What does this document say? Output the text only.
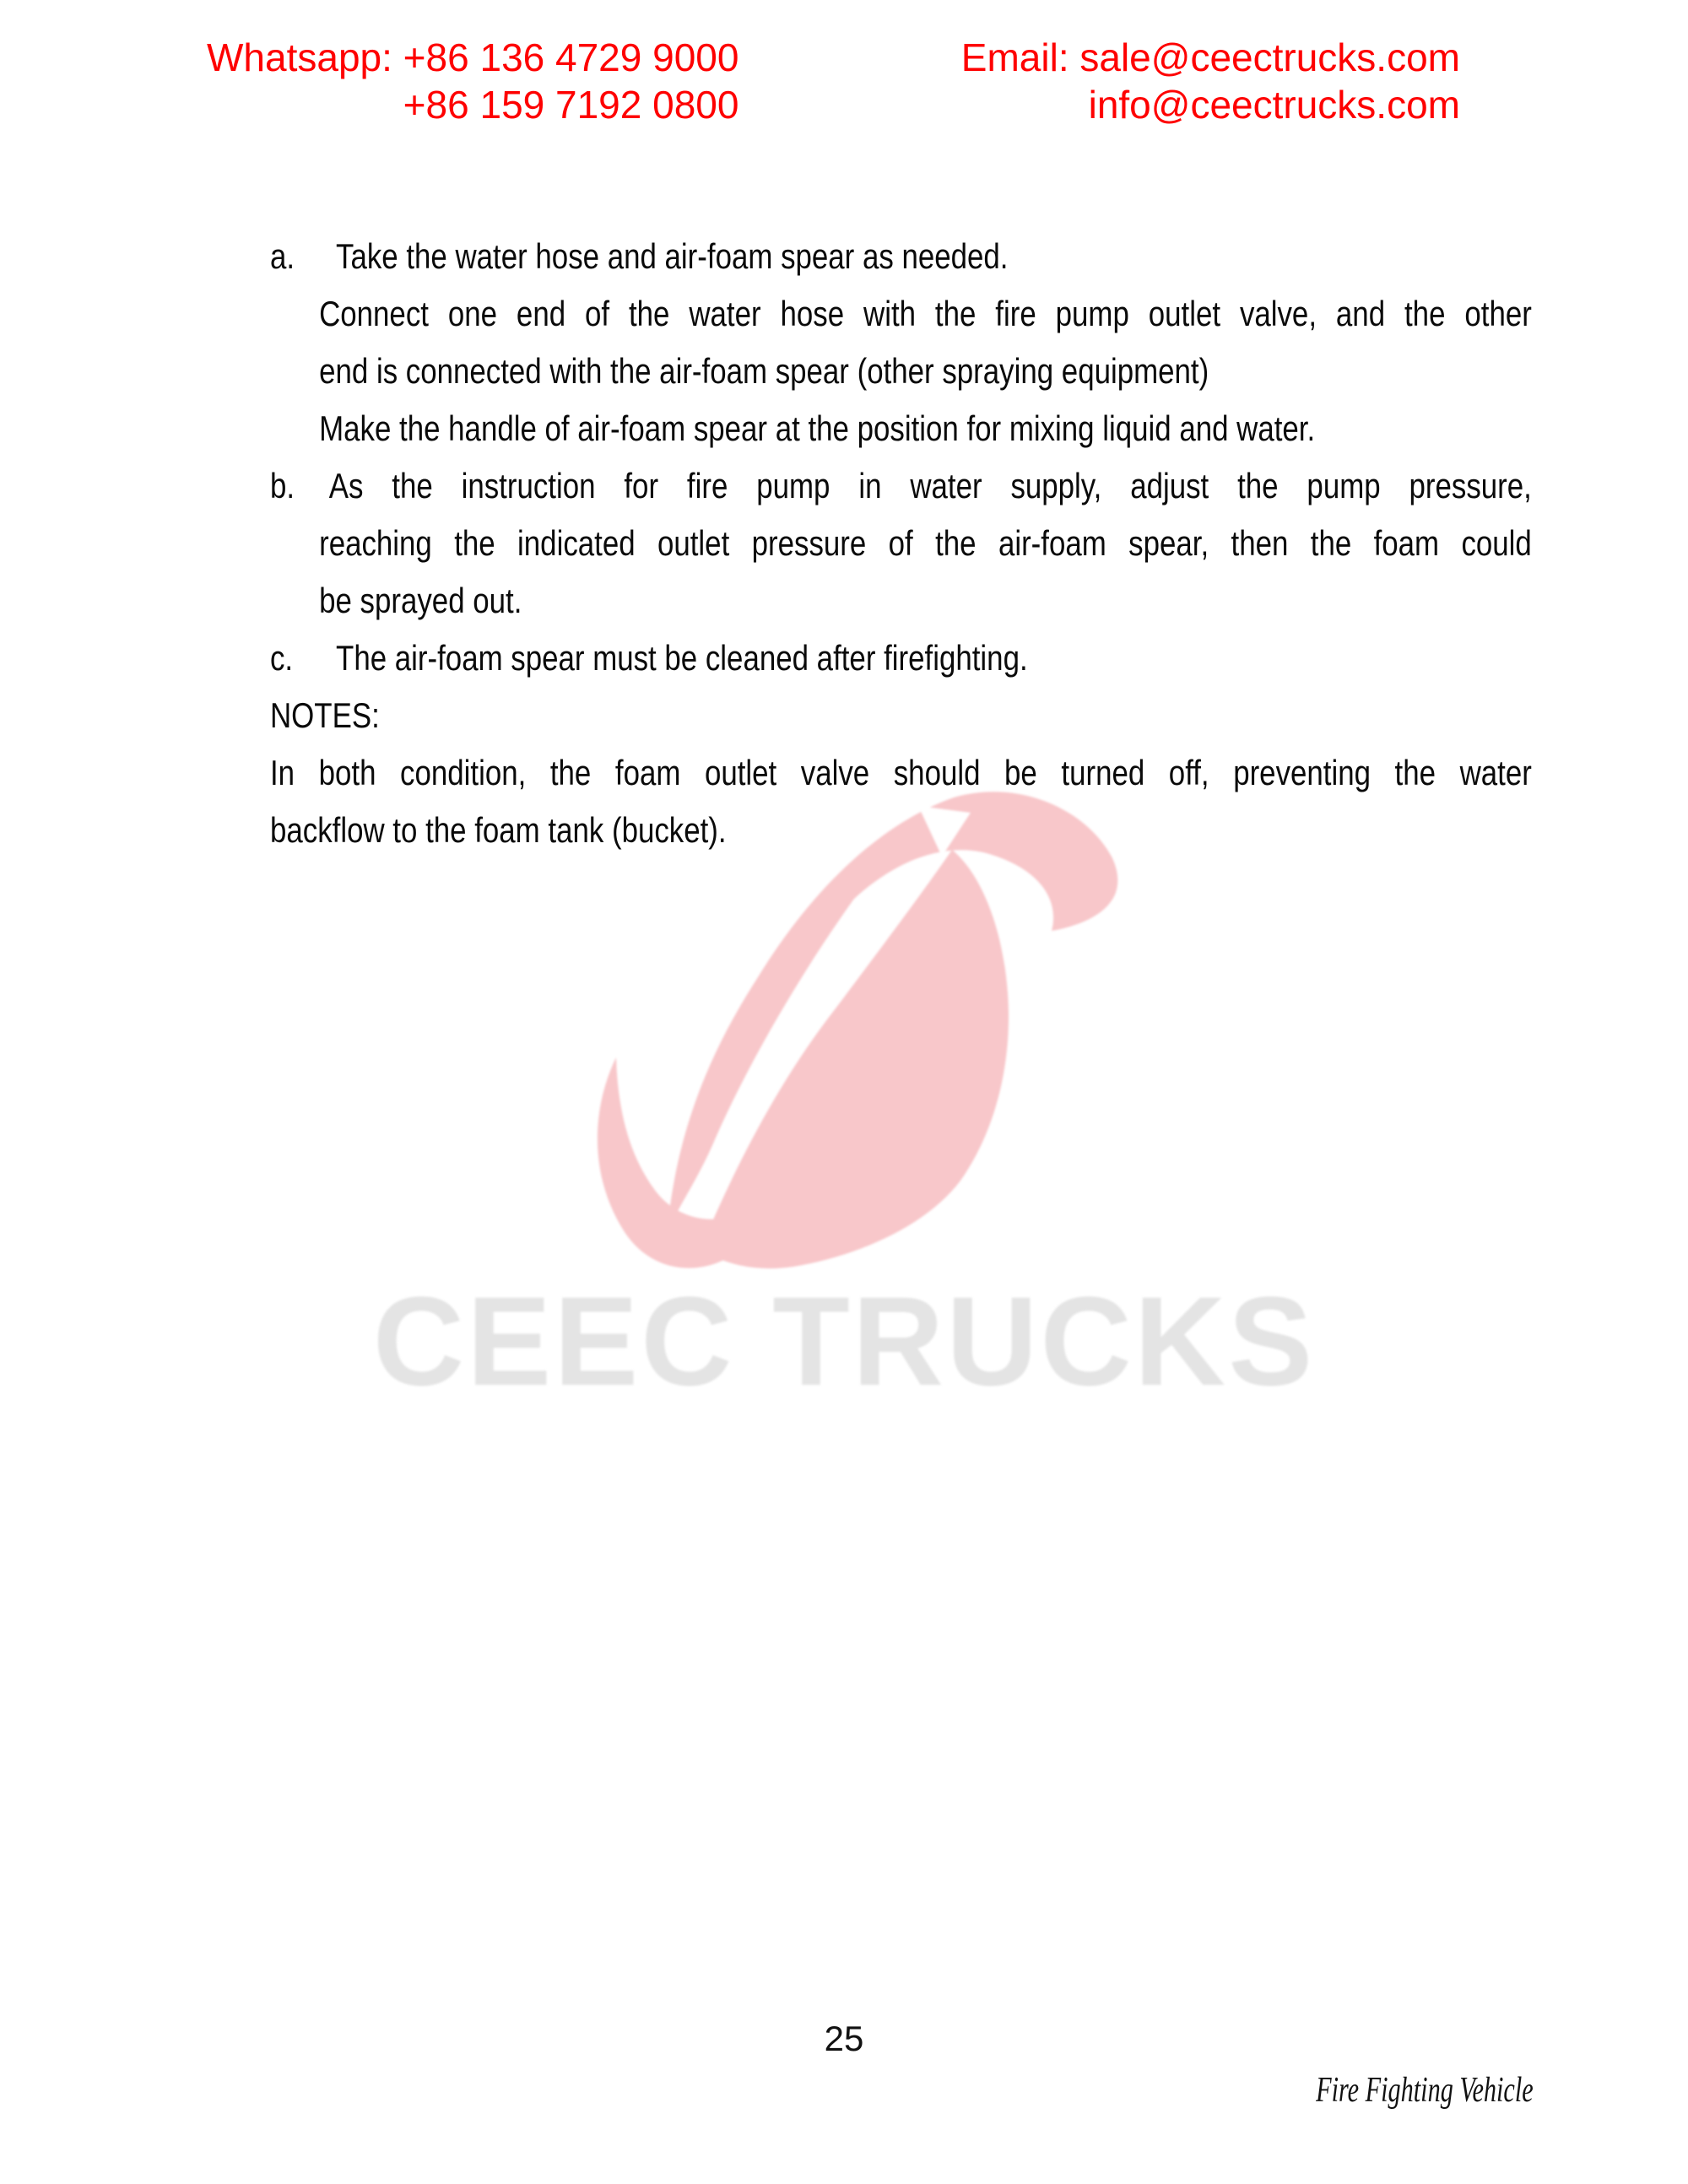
Whatsapp: +86 136 4729 9000
+86 159 7192 0800
Email: sale@ceectrucks.com
info@ceectrucks.com
CEEC TRUCKS
a. Take the water hose and air-foam spear as needed.
Connect one end of the water hose with the fire pump outlet valve, and the other
end is connected with the air-foam spear (other spraying equipment)
Make the handle of air-foam spear at the position for mixing liquid and water.
b. As the instruction for fire pump in water supply, adjust the pump pressure,
reaching the indicated outlet pressure of the air-foam spear, then the foam could
be sprayed out.
c. The air-foam spear must be cleaned after firefighting.
NOTES:
In both condition, the foam outlet valve should be turned off, preventing the water
backflow to the foam tank (bucket).
25
Fire Fighting Vehicle
